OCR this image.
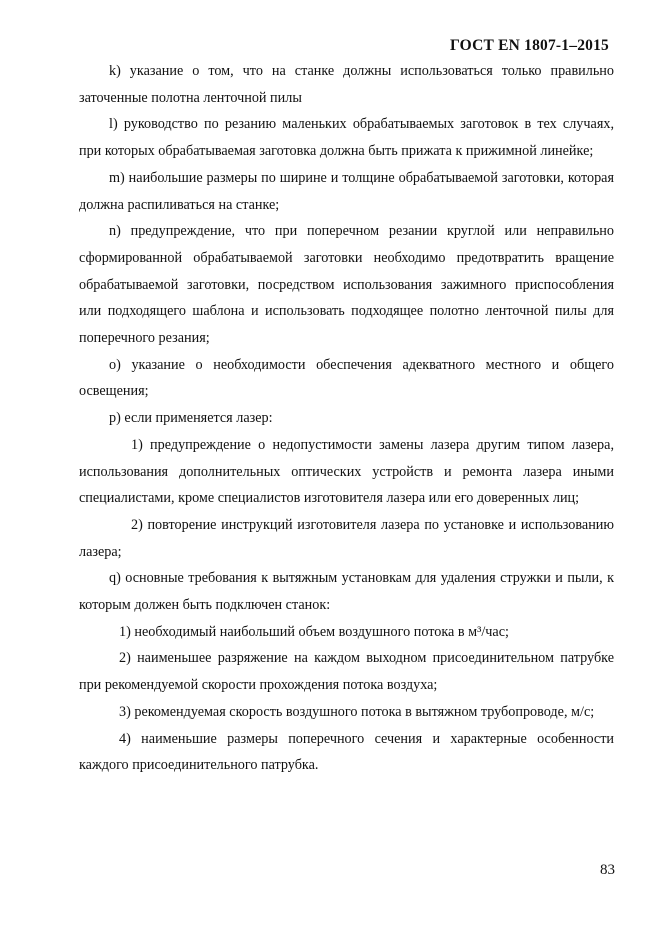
ГОСТ EN 1807-1–2015

k) указание о том, что на станке должны использоваться только правильно заточенные полотна ленточной пилы

l) руководство по резанию маленьких обрабатываемых заготовок в тех случаях, при которых обрабатываемая заготовка должна быть прижата к прижимной линейке;

m) наибольшие размеры по ширине и толщине обрабатываемой заготовки, которая должна распиливаться на станке;

n) предупреждение, что при поперечном резании круглой или неправильно сформированной обрабатываемой заготовки необходимо предотвратить вращение обрабатываемой заготовки, посредством использования зажимного приспособления или подходящего шаблона и использовать подходящее полотно ленточной пилы для поперечного резания;

o) указание о необходимости обеспечения адекватного местного и общего освещения;

p) если применяется лазер:

1) предупреждение о недопустимости замены лазера другим типом лазера, использования дополнительных оптических устройств и ремонта лазера иными специалистами, кроме специалистов изготовителя лазера или его доверенных лиц;

2) повторение инструкций изготовителя лазера по установке и использованию лазера;

q) основные требования к вытяжным установкам для удаления стружки и пыли, к которым должен быть подключен станок:

1) необходимый наибольший объем воздушного потока в м³/час;

2) наименьшее разряжение на каждом выходном присоединительном патрубке при рекомендуемой скорости прохождения потока воздуха;

3) рекомендуемая скорость воздушного потока в вытяжном трубопроводе, м/с;

4) наименьшие размеры поперечного сечения и характерные особенности каждого присоединительного патрубка.

83
